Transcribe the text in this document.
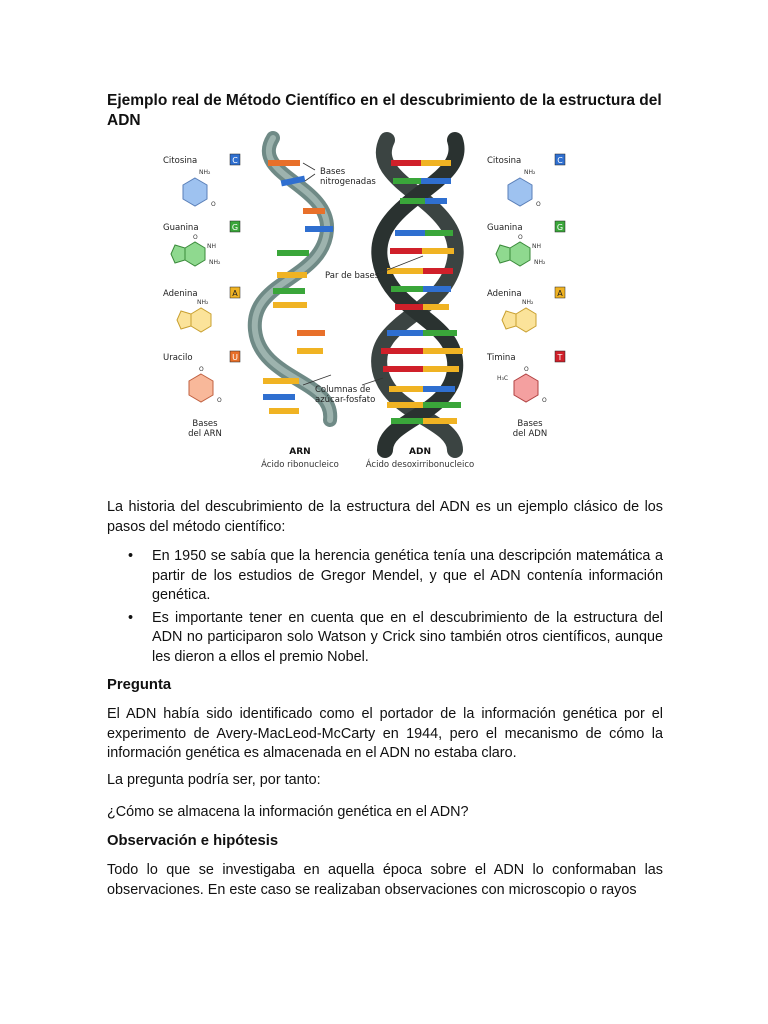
Ejemplo real de Método Científico en el descubrimiento de la estructura del ADN
Bases nitrogenadas
Par de bases
Columnas de azúcar-fosfato
Citosina	C
NH₂
O
Guanina	G
O
NH
NH₂
Adenina	A
NH₂
Uracilo	U
O
O
Bases del ARN
Citosina	C
NH₂
O
Guanina	G
O
NH
NH₂
Adenina	A
NH₂
Timina	T
H₃C
O
O
Bases del ADN
ARN
Ácido ribonucleico
ADN
Ácido desoxirribonucleico

La historia del descubrimiento de la estructura del ADN es un ejemplo clásico de los pasos del método científico:

• En 1950 se sabía que la herencia genética tenía una descripción matemática a partir de los estudios de Gregor Mendel, y que el ADN contenía información genética.
• Es importante tener en cuenta que en el descubrimiento de la estructura del ADN no participaron solo Watson y Crick sino también otros científicos, aunque les dieron a ellos el premio Nobel.
Pregunta

El ADN había sido identificado como el portador de la información genética por el experimento de Avery-MacLeod-McCarty en 1944, pero el mecanismo de cómo la información genética es almacenada en el ADN no estaba claro.

La pregunta podría ser, por tanto:

¿Cómo se almacena la información genética en el ADN?

Observación e hipótesis

Todo lo que se investigaba en aquella época sobre el ADN lo conformaban las observaciones. En este caso se realizaban observaciones con microscopio o rayos
